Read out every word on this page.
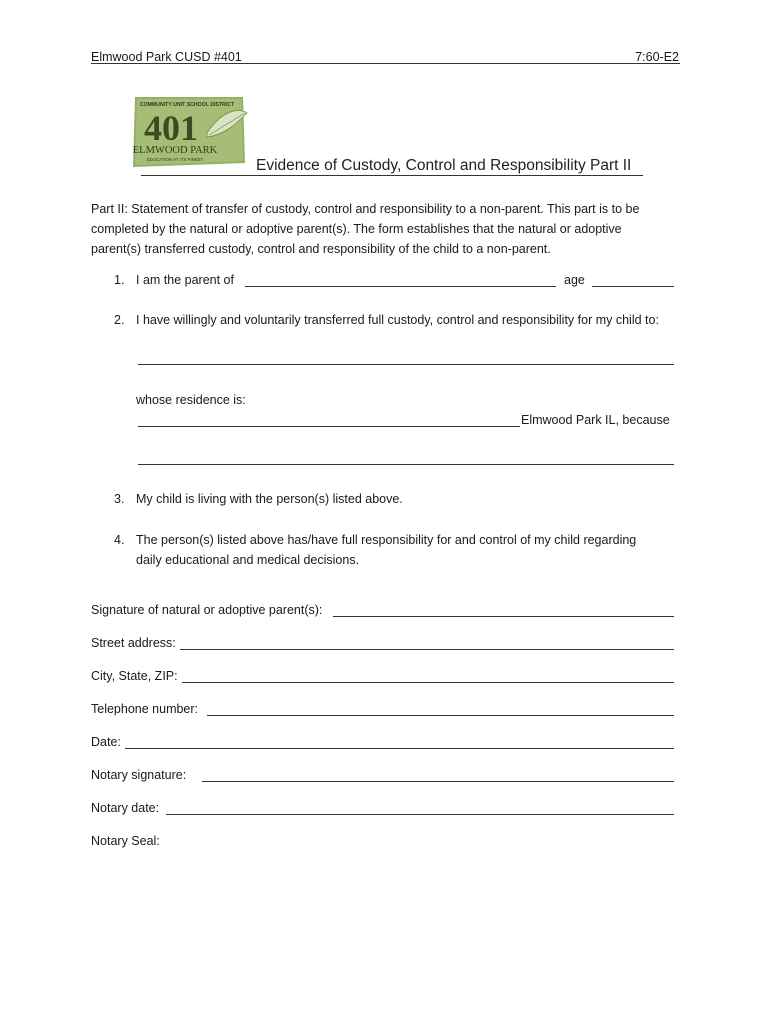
Elmwood Park CUSD #401	7:60-E2
COMMUNITY UNIT SCHOOL DISTRICT
401
ELMWOOD PARK
EDUCATION AT ITS FINEST	Evidence of Custody, Control and Responsibility Part II
Part II: Statement of transfer of custody, control and responsibility to a non-parent. This part is to be completed by the natural or adoptive parent(s). The form establishes that the natural or adoptive parent(s) transferred custody, control and responsibility of the child to a non-parent.
1. I am the parent of	age
2. I have willingly and voluntarily transferred full custody, control and responsibility for my child to:
whose residence is:
Elmwood Park IL, because
3. My child is living with the person(s) listed above.
4. The person(s) listed above has/have full responsibility for and control of my child regarding
daily educational and medical decisions.
Signature of natural or adoptive parent(s):
Street address:
City, State, ZIP:
Telephone number:
Date:
Notary signature:
Notary date:
Notary Seal:
